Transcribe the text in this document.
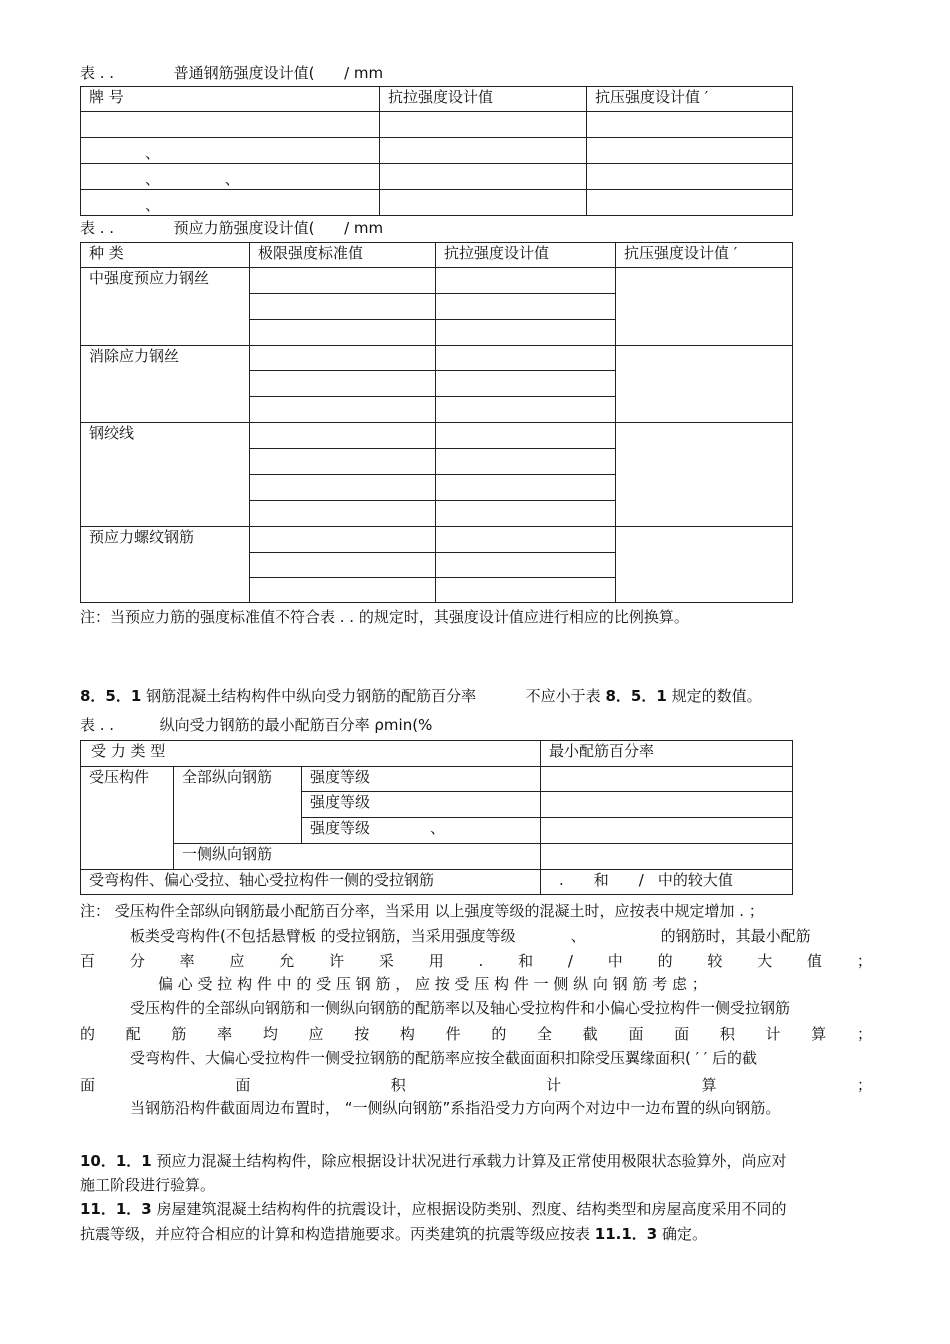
表 . .	普通钢筋强度设计值( / mm
牌 号	抗拉强度设计值	抗压强度设计值 ′

、		
、 、		
、		
表 . .	预应力筋强度设计值( / mm
种 类	极限强度标准值	抗拉强度设计值	抗压强度设计值 ′
中强度预应力钢丝			

消除应力钢丝			

钢绞线			

预应力螺纹钢筋			

注：当预应力筋的强度标准值不符合表 . . 的规定时，其强度设计值应进行相应的比例换算。
8．5．1 钢筋混凝土结构构件中纵向受力钢筋的配筋百分率	不应小于表 8．5．1 规定的数值。
表 . .	纵向受力钢筋的最小配筋百分率 ρmin(%
受 力 类 型			最小配筋百分率
受压构件	全部纵向钢筋	强度等级	
		强度等级	
		强度等级 、	
	一侧纵向钢筋		
受弯构件、偏心受拉、轴心受拉构件一侧的受拉钢筋			. 和 / 中的较大值
注： 受压构件全部纵向钢筋最小配筋百分率，当采用 以上强度等级的混凝土时，应按表中规定增加 . ；
板类受弯构件(不包括悬臂板 的受拉钢筋，当采用强度等级	、	的钢筋时，其最小配筋
百 分 率 应 允 许 采 用 . 和 / 中 的 较 大 值 ；
偏 心 受 拉 构 件 中 的 受 压 钢 筋 ， 应 按 受 压 构 件 一 侧 纵 向 钢 筋 考 虑 ；
受压构件的全部纵向钢筋和一侧纵向钢筋的配筋率以及轴心受拉构件和小偏心受拉构件一侧受拉钢筋
的 配 筋 率 均 应 按 构 件 的 全 截 面 面 积 计 算 ；
受弯构件、大偏心受拉构件一侧受拉钢筋的配筋率应按全截面面积扣除受压翼缘面积( ′ ′ 后的截
面	面	积	计	算	；
当钢筋沿构件截面周边布置时， “一侧纵向钢筋”系指沿受力方向两个对边中一边布置的纵向钢筋。
10．1．1 预应力混凝土结构构件，除应根据设计状况进行承载力计算及正常使用极限状态验算外，尚应对
施工阶段进行验算。
11．1．3 房屋建筑混凝土结构构件的抗震设计，应根据设防类别、烈度、结构类型和房屋高度采用不同的
抗震等级，并应符合相应的计算和构造措施要求。丙类建筑的抗震等级应按表 11.1．3 确定。
